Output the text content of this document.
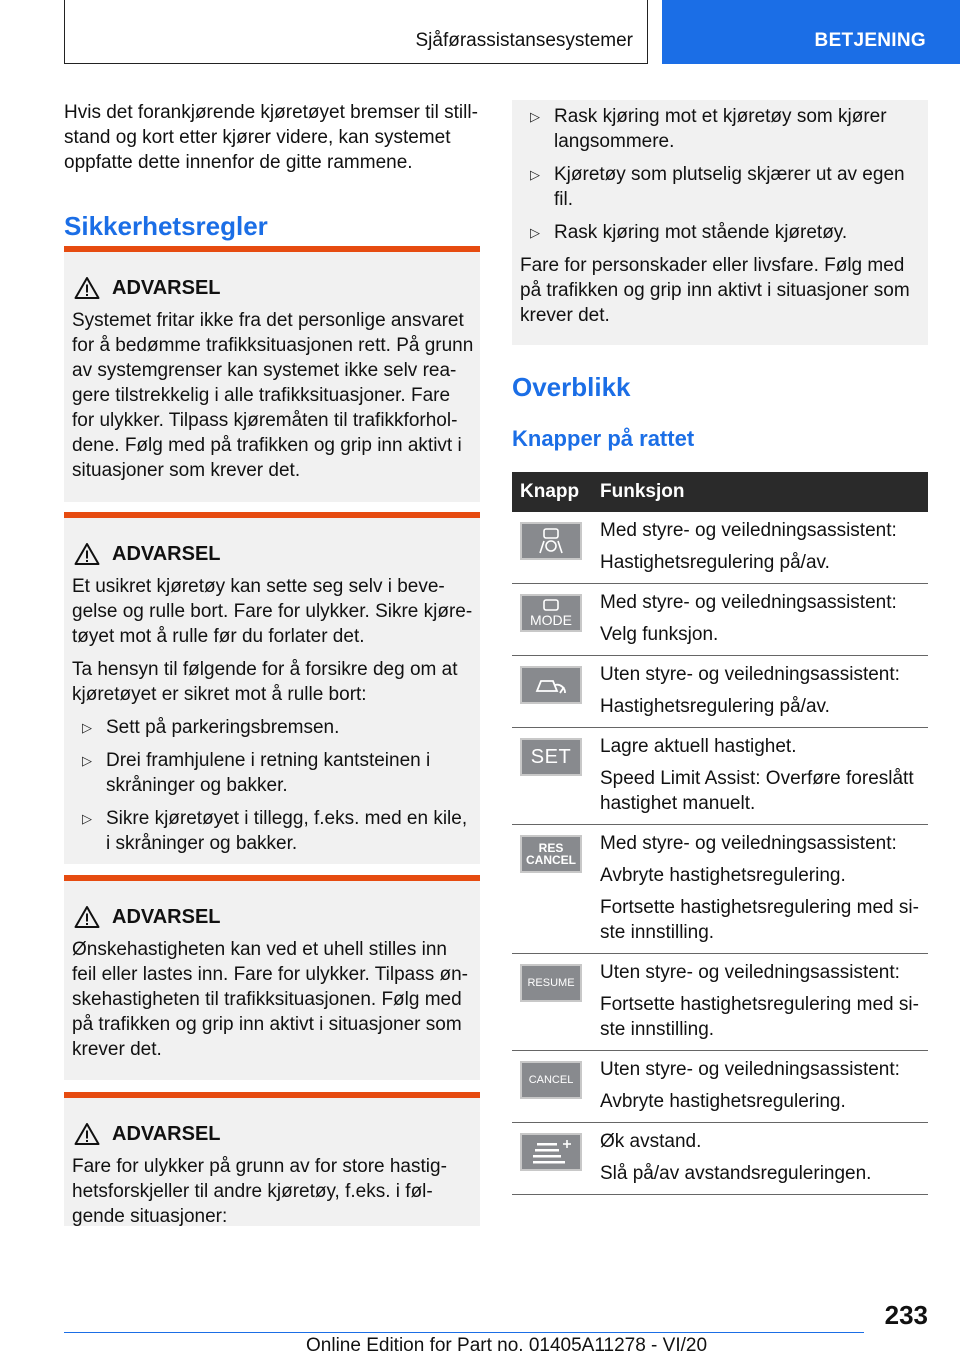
Sjåførassistansesystemer	BETJENING

Hvis det forankjørende kjøretøyet bremser til stillstand og kort etter kjører videre, kan systemet oppfatte dette innenfor de gitte rammene.

Sikkerhetsregler
ADVARSEL

Systemet fritar ikke fra det personlige ansvaret for å bedømme trafikksituasjonen rett. På grunn av systemgrenser kan systemet ikke selv reagere tilstrekkelig i alle trafikksituasjoner. Fare for ulykker. Tilpass kjøremåten til trafikkforholdene. Følg med på trafikken og grip inn aktivt i situasjoner som krever det.

ADVARSEL

Et usikret kjøretøy kan sette seg selv i bevegelse og rulle bort. Fare for ulykker. Sikre kjøretøyet mot å rulle før du forlater det.

Ta hensyn til følgende for å forsikre deg om at kjøretøyet er sikret mot å rulle bort:

▷ Sett på parkeringsbremsen.
▷ Drei framhjulene i retning kantsteinen i skråninger og bakker.
▷ Sikre kjøretøyet i tillegg, f.eks. med en kile, i skråninger og bakker.
ADVARSEL

Ønskehastigheten kan ved et uhell stilles inn feil eller lastes inn. Fare for ulykker. Tilpass ønskehastigheten til trafikksituasjonen. Følg med på trafikken og grip inn aktivt i situasjoner som krever det.

ADVARSEL

Fare for ulykker på grunn av for store hastighetsforskjeller til andre kjøretøy, f.eks. i følgende situasjoner:

▷ Rask kjøring mot et kjøretøy som kjører langsommere.
▷ Kjøretøy som plutselig skjærer ut av egen fil.
▷ Rask kjøring mot stående kjøretøy.

Fare for personskader eller livsfare. Følg med på trafikken og grip inn aktivt i situasjoner som krever det.

Overblikk
Knapper på rattet
Knapp	Funksjon

Med styre- og veiledningsassistent:
Hastighetsregulering på/av.

MODE	Med styre- og veiledningsassistent:
Velg funksjon.

Uten styre- og veiledningsassistent:
Hastighetsregulering på/av.

SET	Lagre aktuell hastighet.
Speed Limit Assist: Overføre foreslått hastighet manuelt.

RES CANCEL	Med styre- og veiledningsassistent:
Avbryte hastighetsregulering.
Fortsette hastighetsregulering med siste innstilling.

RESUME	Uten styre- og veiledningsassistent:
Fortsette hastighetsregulering med siste innstilling.

CANCEL	Uten styre- og veiledningsassistent:
Avbryte hastighetsregulering.

Øk avstand.
Slå på/av avstandsreguleringen.
233
Online Edition for Part no. 01405A11278 - VI/20
